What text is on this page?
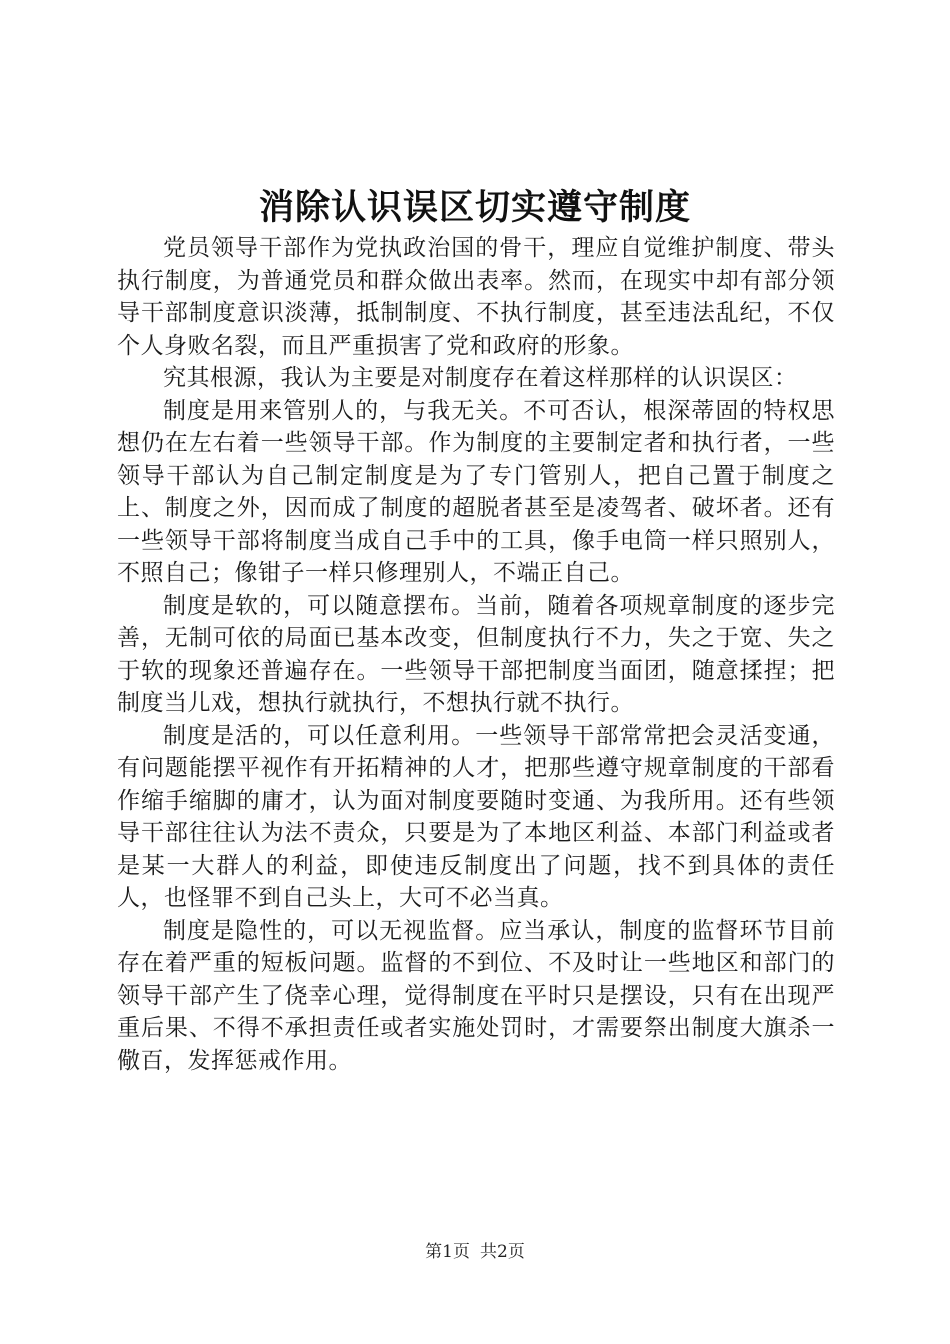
消除认识误区切实遵守制度

党员领导干部作为党执政治国的骨干，理应自觉维护制度、带头执行制度，为普通党员和群众做出表率。然而，在现实中却有部分领导干部制度意识淡薄，抵制制度、不执行制度，甚至违法乱纪，不仅个人身败名裂，而且严重损害了党和政府的形象。

究其根源，我认为主要是对制度存在着这样那样的认识误区：

制度是用来管别人的，与我无关。不可否认，根深蒂固的特权思想仍在左右着一些领导干部。作为制度的主要制定者和执行者，一些领导干部认为自己制定制度是为了专门管别人，把自己置于制度之上、制度之外，因而成了制度的超脱者甚至是凌驾者、破坏者。还有一些领导干部将制度当成自己手中的工具，像手电筒一样只照别人，不照自己；像钳子一样只修理别人，不端正自己。

制度是软的，可以随意摆布。当前，随着各项规章制度的逐步完善，无制可依的局面已基本改变，但制度执行不力，失之于宽、失之于软的现象还普遍存在。一些领导干部把制度当面团，随意揉捏；把制度当儿戏，想执行就执行，不想执行就不执行。

制度是活的，可以任意利用。一些领导干部常常把会灵活变通，有问题能摆平视作有开拓精神的人才，把那些遵守规章制度的干部看作缩手缩脚的庸才，认为面对制度要随时变通、为我所用。还有些领导干部往往认为法不责众，只要是为了本地区利益、本部门利益或者是某一大群人的利益，即使违反制度出了问题，找不到具体的责任人，也怪罪不到自己头上，大可不必当真。

制度是隐性的，可以无视监督。应当承认，制度的监督环节目前存在着严重的短板问题。监督的不到位、不及时让一些地区和部门的领导干部产生了侥幸心理，觉得制度在平时只是摆设，只有在出现严重后果、不得不承担责任或者实施处罚时，才需要祭出制度大旗杀一儆百，发挥惩戒作用。

第1页 共2页
